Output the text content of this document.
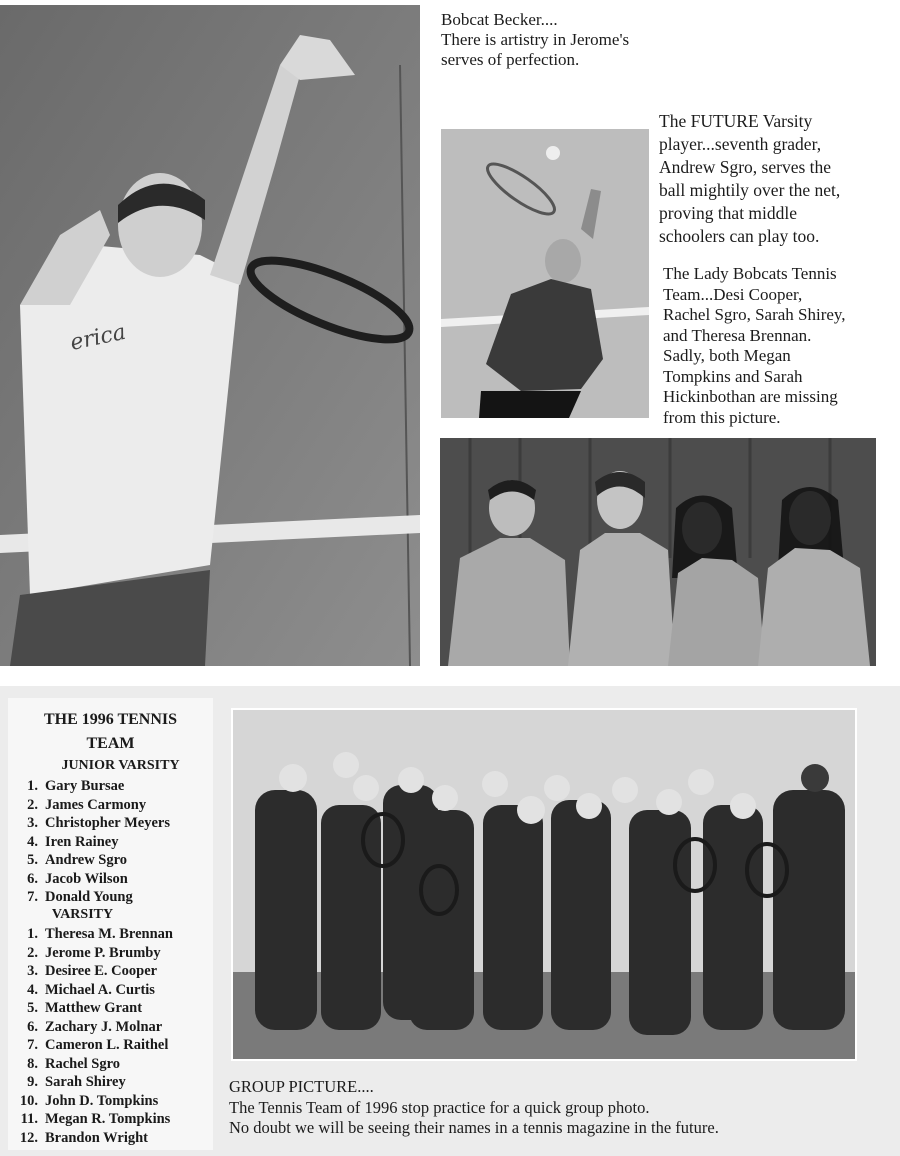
erica
Bobcat Becker....
There is artistry in Jerome's
serves of perfection.
The FUTURE Varsity
player...seventh grader,
Andrew Sgro, serves the
ball mightily over the net,
proving that middle
schoolers can play too.
The Lady Bobcats Tennis
Team...Desi Cooper,
Rachel Sgro, Sarah Shirey,
and Theresa Brennan.
Sadly, both Megan
Tompkins and Sarah
Hickinbothan are missing
from this picture.
THE 1996 TENNIS
TEAM
JUNIOR VARSITY
1. Gary Bursae
2. James Carmony
3. Christopher Meyers
4. Iren Rainey
5. Andrew Sgro
6. Jacob Wilson
7. Donald Young
VARSITY
1. Theresa M. Brennan
2. Jerome P. Brumby
3. Desiree E. Cooper
4. Michael A. Curtis
5. Matthew Grant
6. Zachary J. Molnar
7. Cameron L. Raithel
8. Rachel Sgro
9. Sarah Shirey
10. John D. Tompkins
11. Megan R. Tompkins
12. Brandon Wright
GROUP PICTURE....
The Tennis Team of 1996 stop practice for a quick group photo.
No doubt we will be seeing their names in a tennis magazine in the future.
